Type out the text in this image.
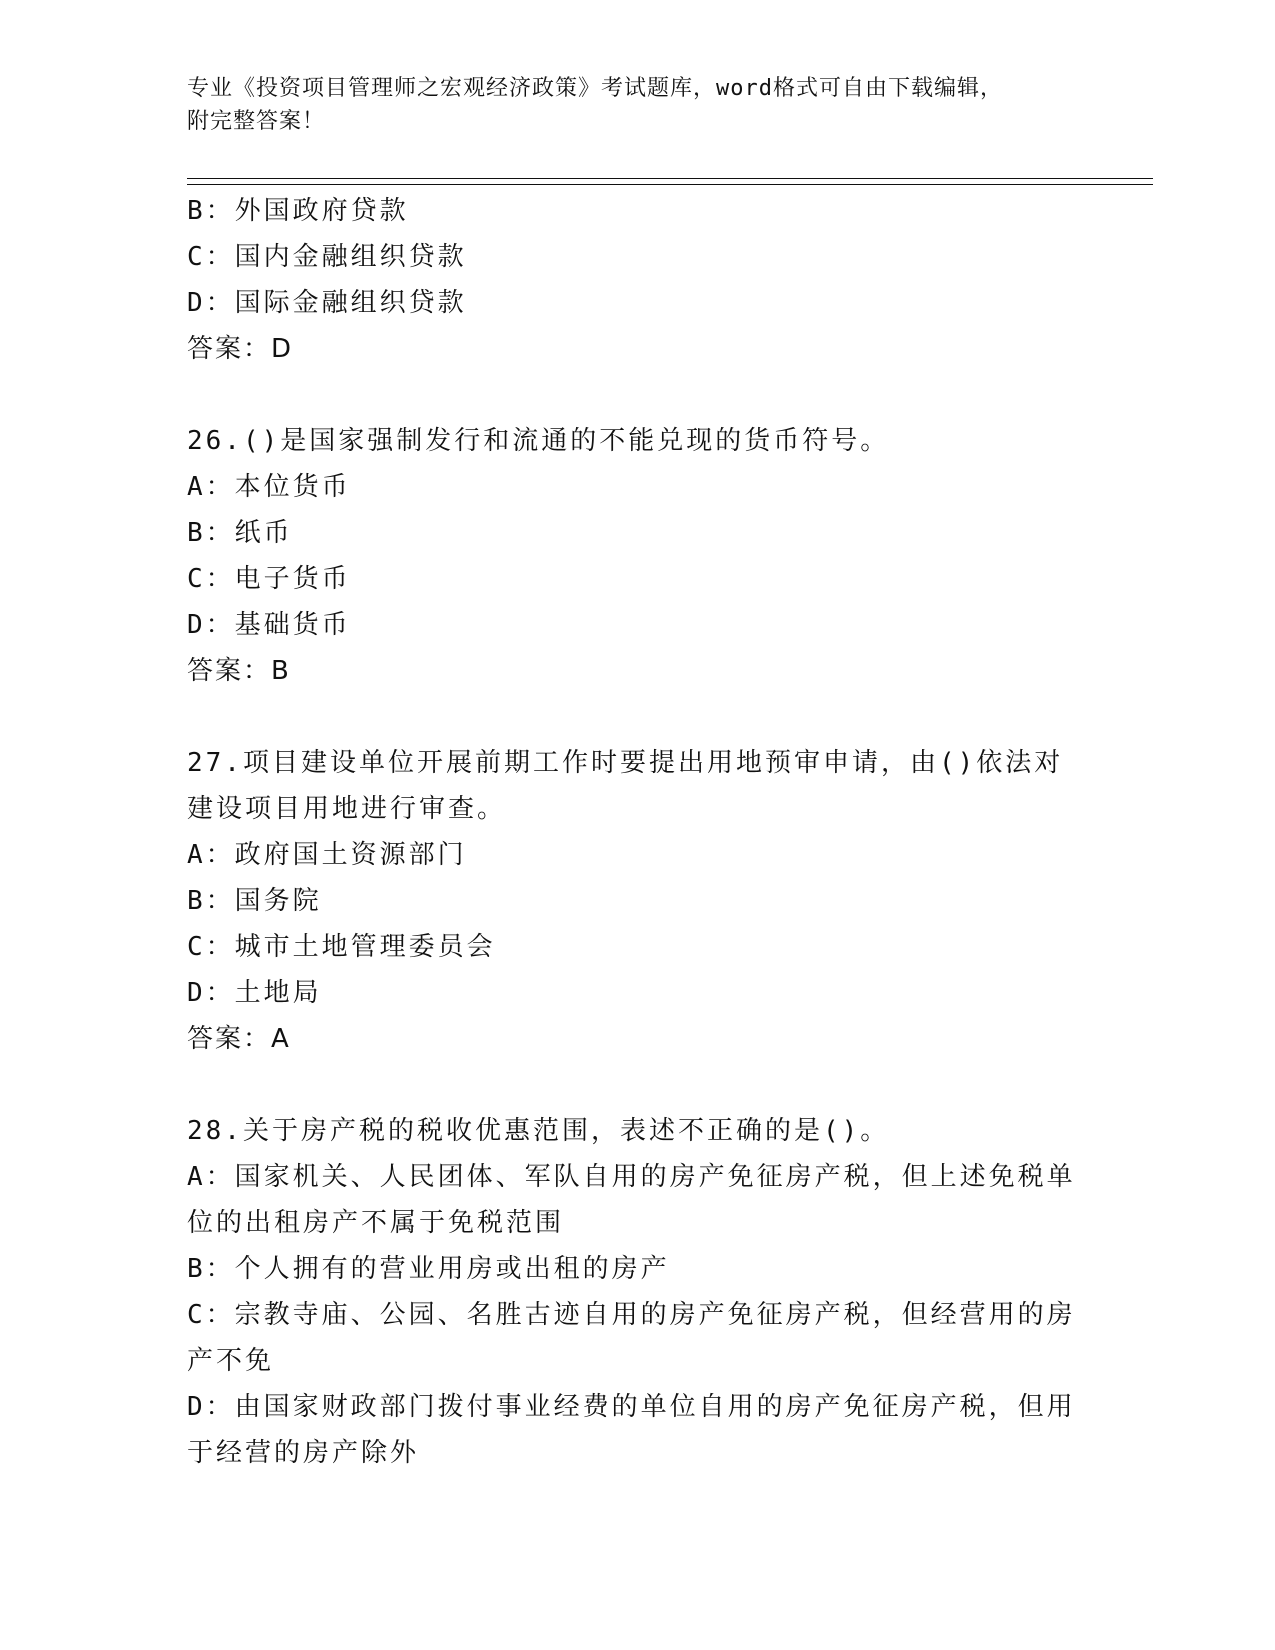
专业《投资项目管理师之宏观经济政策》考试题库，word格式可自由下载编辑，
附完整答案！
B：外国政府贷款
C：国内金融组织贷款
D：国际金融组织贷款
答案：D
26.()是国家强制发行和流通的不能兑现的货币符号。
A：本位货币
B：纸币
C：电子货币
D：基础货币
答案：B
27.项目建设单位开展前期工作时要提出用地预审申请，由()依法对建设项目用地进行审查。
A：政府国土资源部门
B：国务院
C：城市土地管理委员会
D：土地局
答案：A
28.关于房产税的税收优惠范围，表述不正确的是()。
A：国家机关、人民团体、军队自用的房产免征房产税，但上述免税单位的出租房产不属于免税范围
B：个人拥有的营业用房或出租的房产
C：宗教寺庙、公园、名胜古迹自用的房产免征房产税，但经营用的房产不免
D：由国家财政部门拨付事业经费的单位自用的房产免征房产税，但用于经营的房产除外
